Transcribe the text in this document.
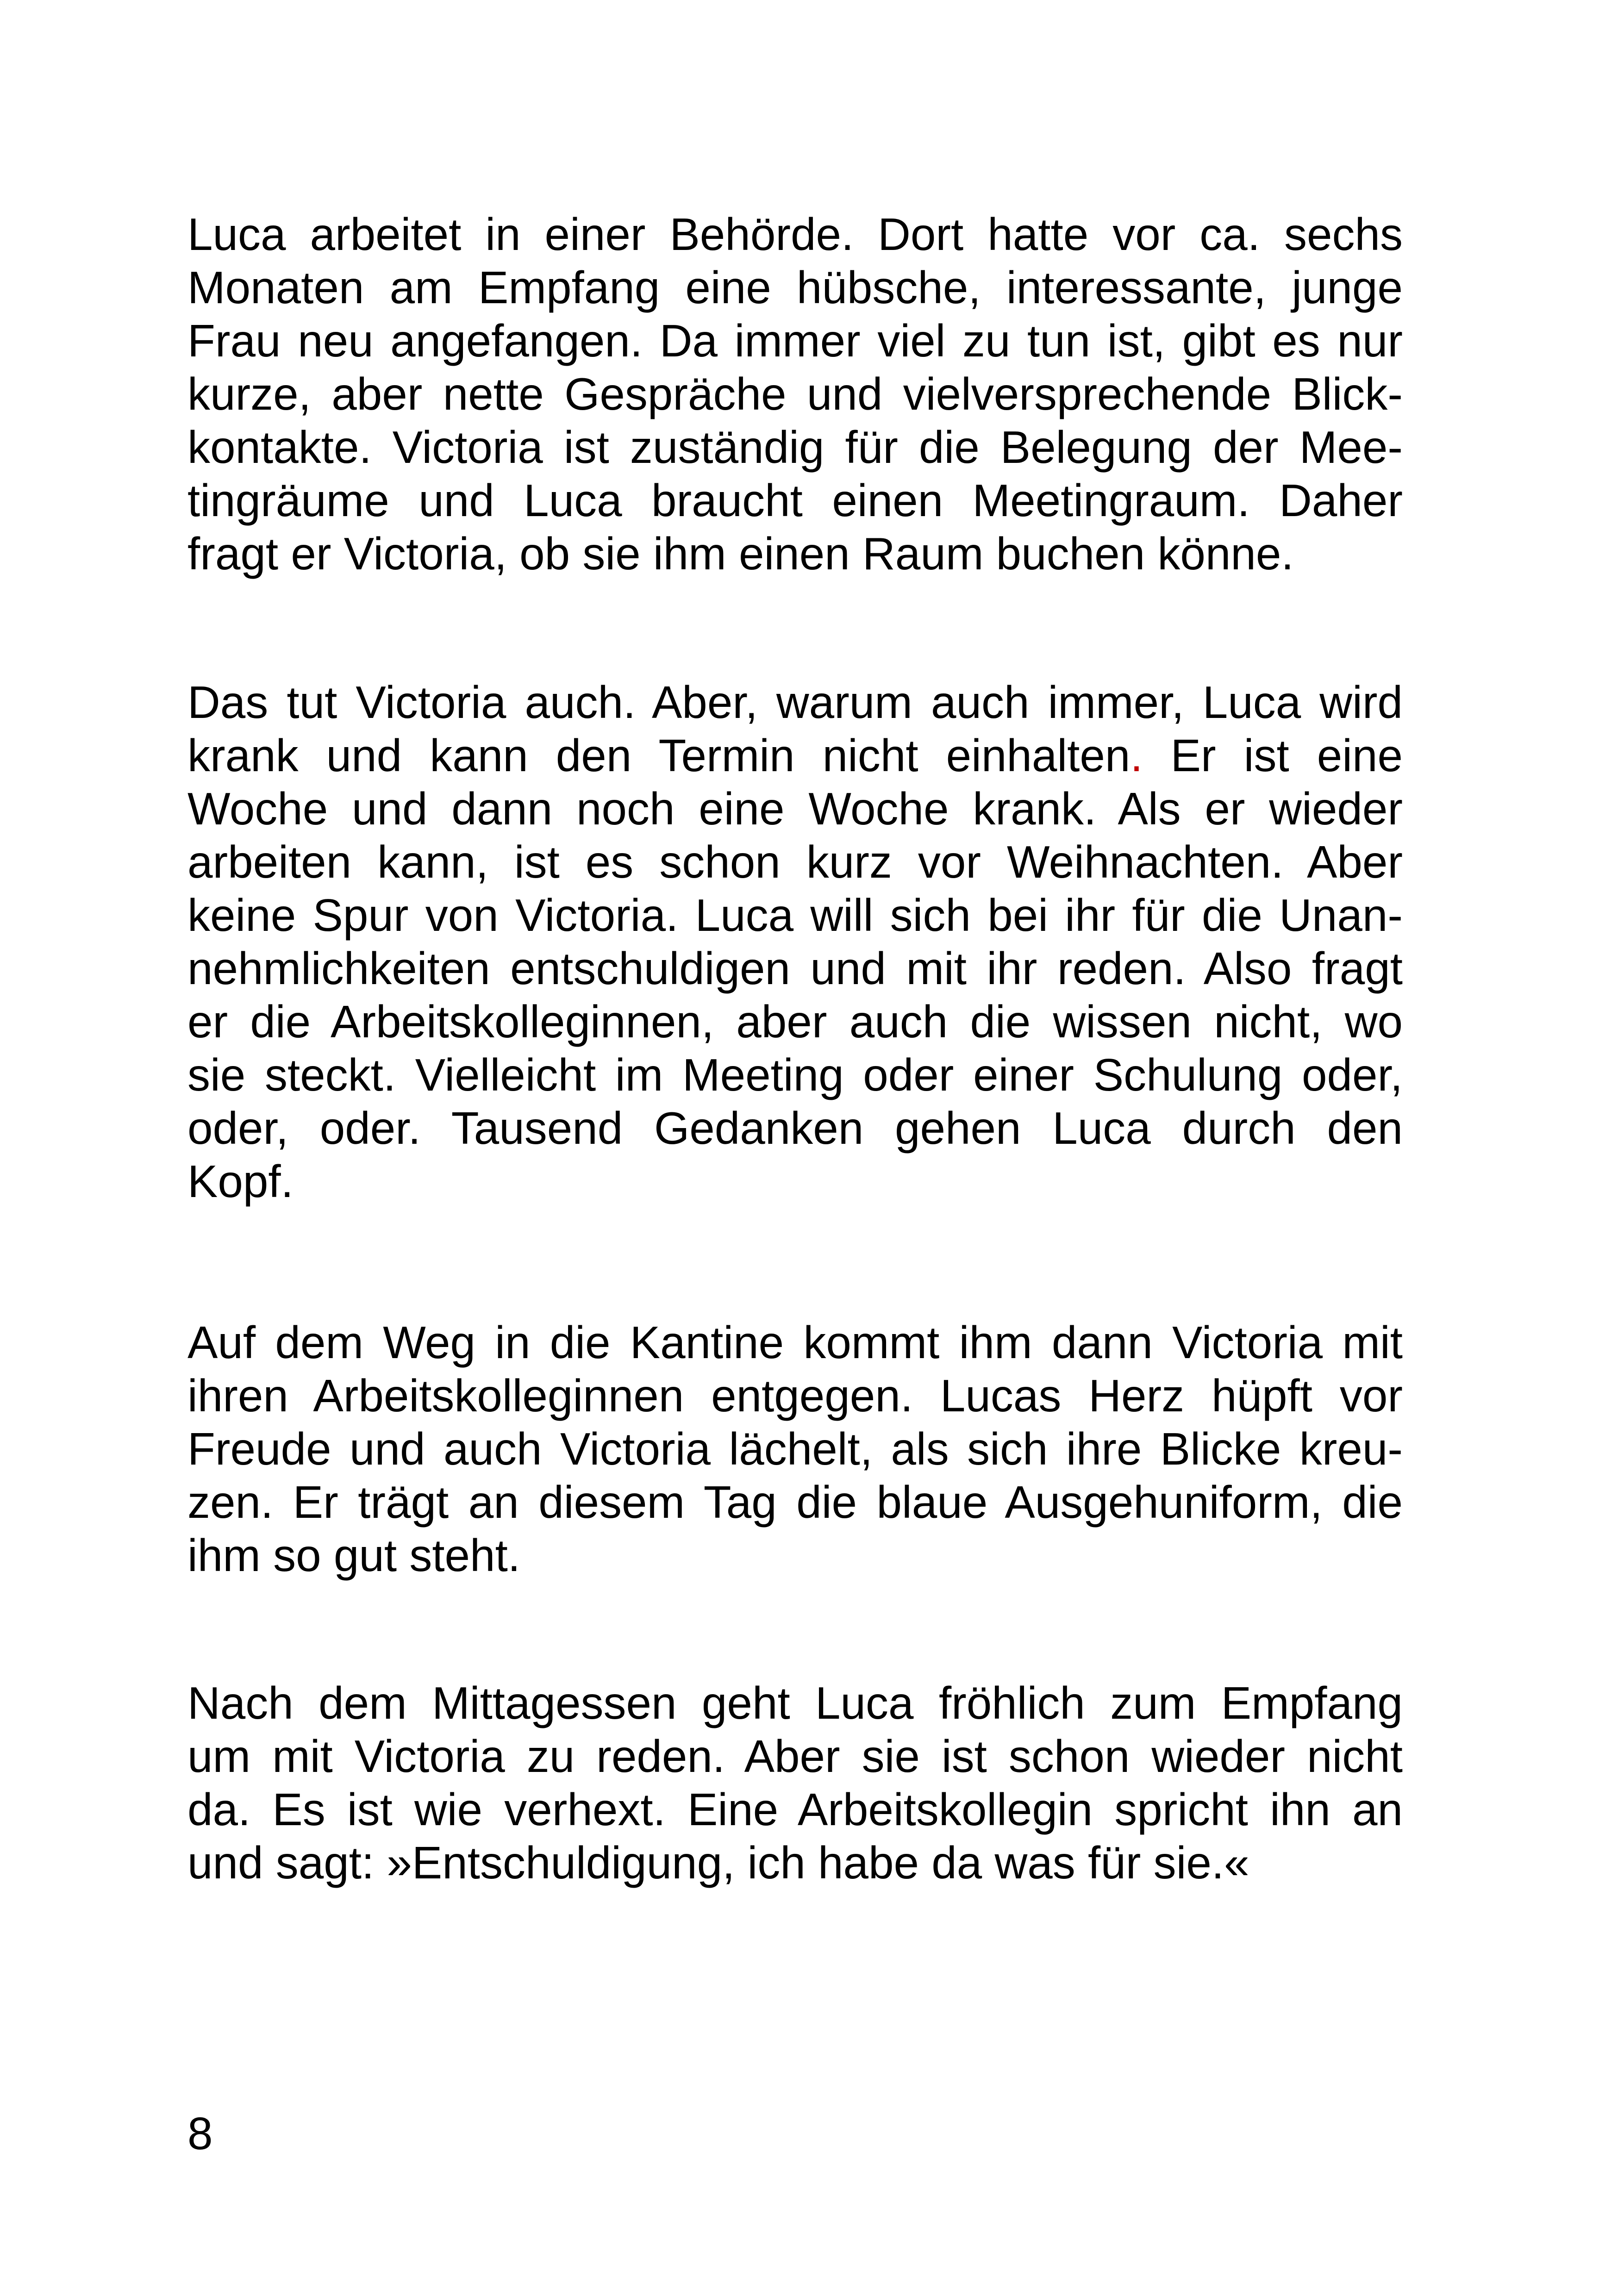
Luca arbeitet in einer Behörde. Dort hatte vor ca. sechs
Monaten am Empfang eine hübsche, interessante, junge
Frau neu angefangen. Da immer viel zu tun ist, gibt es nur
kurze, aber nette Gespräche und vielversprechende Blick-
kontakte. Victoria ist zuständig für die Belegung der Mee-
tingräume und Luca braucht einen Meetingraum. Daher
fragt er Victoria, ob sie ihm einen Raum buchen könne.

Das tut Victoria auch. Aber, warum auch immer, Luca wird
krank und kann den Termin nicht einhalten. Er ist eine
Woche und dann noch eine Woche krank. Als er wieder
arbeiten kann, ist es schon kurz vor Weihnachten. Aber
keine Spur von Victoria. Luca will sich bei ihr für die Unan-
nehmlichkeiten entschuldigen und mit ihr reden. Also fragt
er die Arbeitskolleginnen, aber auch die wissen nicht, wo
sie steckt. Vielleicht im Meeting oder einer Schulung oder,
oder, oder. Tausend Gedanken gehen Luca durch den
Kopf.

Auf dem Weg in die Kantine kommt ihm dann Victoria mit
ihren Arbeitskolleginnen entgegen. Lucas Herz hüpft vor
Freude und auch Victoria lächelt, als sich ihre Blicke kreu-
zen. Er trägt an diesem Tag die blaue Ausgehuniform, die
ihm so gut steht.

Nach dem Mittagessen geht Luca fröhlich zum Empfang
um mit Victoria zu reden. Aber sie ist schon wieder nicht
da. Es ist wie verhext. Eine Arbeitskollegin spricht ihn an
und sagt: »Entschuldigung, ich habe da was für sie.«

8
